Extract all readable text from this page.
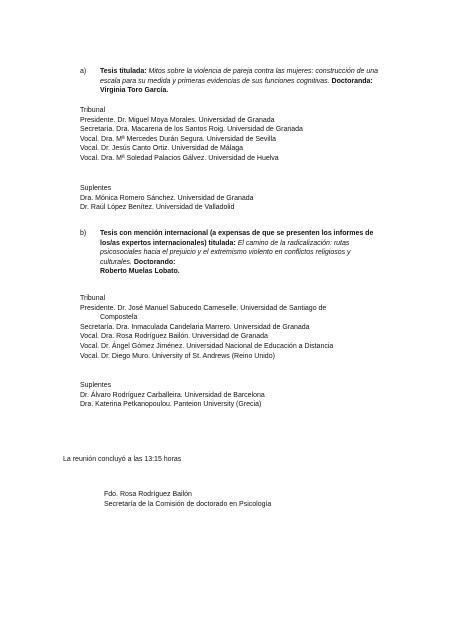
a) Tesis titulada: Mitos sobre la violencia de pareja contra las mujeres: construcción de una escala para su medida y primeras evidencias de sus funciones cognitivas. Doctoranda: Virginia Toro García.
Tribunal
Presidente. Dr. Miguel Moya Morales. Universidad de Granada
Secretaría. Dra. Macarena de los Santos Roig. Universidad de Granada
Vocal. Dra. Mª Mercedes Durán Segura. Universidad de Sevilla
Vocal. Dr. Jesús Canto Ortiz. Universidad de Málaga
Vocal. Dra. Mª Soledad Palacios Gálvez. Universidad de Huelva
Suplentes
Dra. Mónica Romero Sánchez. Universidad de Granada
Dr. Raúl López Benítez. Universidad de Valladolid
b) Tesis con mención internacional (a expensas de que se presenten los informes de los/as expertos internacionales) titulada: El camino de la radicalización: rutas psicosociales hacia el prejuicio y el extremismo violento en conflictos religiosos y culturales. Doctorando:
Roberto Muelas Lobato.
Tribunal
Presidente. Dr. José Manuel Sabucedo Cameselle. Universidad de Santiago de
Compostela
Secretaría. Dra. Inmaculada Candelaria Marrero. Universidad de Granada
Vocal. Dra. Rosa Rodríguez Bailón. Universidad de Granada
Vocal. Dr. Ángel Gómez Jiménez. Universidad Nacional de Educación a Distancia
Vocal. Dr. Diego Muro. University of St. Andrews (Reino Unido)
Suplentes
Dr. Álvaro Rodríguez Carballeira. Universidad de Barcelona
Dra. Katerina Petkanopoulou. Panteion University (Grecia)
La reunión concluyó a las 13:15 horas
Fdo. Rosa Rodríguez Bailón
Secretaría de la Comisión de doctorado en Psicología
